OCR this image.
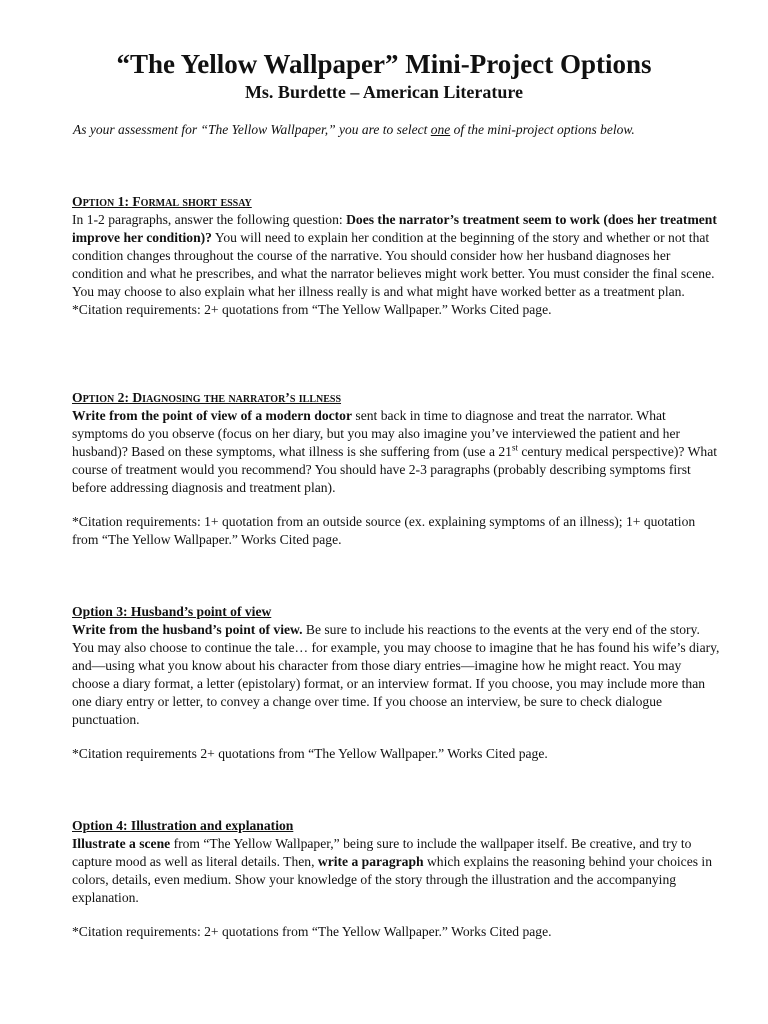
“The Yellow Wallpaper” Mini-Project Options
Ms. Burdette – American Literature
As your assessment for “The Yellow Wallpaper,” you are to select one of the mini-project options below.

Option 1: Formal short essay

In 1-2 paragraphs, answer the following question: Does the narrator’s treatment seem to work (does her treatment improve her condition)? You will need to explain her condition at the beginning of the story and whether or not that condition changes throughout the course of the narrative. You should consider how her husband diagnoses her condition and what he prescribes, and what the narrator believes might work better. You must consider the final scene. You may choose to also explain what her illness really is and what might have worked better as a treatment plan.

*Citation requirements: 2+ quotations from “The Yellow Wallpaper.” Works Cited page.

Option 2: Diagnosing the narrator’s illness

Write from the point of view of a modern doctor sent back in time to diagnose and treat the narrator. What symptoms do you observe (focus on her diary, but you may also imagine you’ve interviewed the patient and her husband)? Based on these symptoms, what illness is she suffering from (use a 21st century medical perspective)? What course of treatment would you recommend? You should have 2-3 paragraphs (probably describing symptoms first before addressing diagnosis and treatment plan).

*Citation requirements: 1+ quotation from an outside source (ex. explaining symptoms of an illness); 1+ quotation from “The Yellow Wallpaper.” Works Cited page.

Option 3: Husband’s point of view

Write from the husband’s point of view. Be sure to include his reactions to the events at the very end of the story. You may also choose to continue the tale… for example, you may choose to imagine that he has found his wife’s diary, and—using what you know about his character from those diary entries—imagine how he might react. You may choose a diary format, a letter (epistolary) format, or an interview format. If you choose, you may include more than one diary entry or letter, to convey a change over time. If you choose an interview, be sure to check dialogue punctuation.

*Citation requirements 2+ quotations from “The Yellow Wallpaper.” Works Cited page.

Option 4: Illustration and explanation

Illustrate a scene from “The Yellow Wallpaper,” being sure to include the wallpaper itself. Be creative, and try to capture mood as well as literal details. Then, write a paragraph which explains the reasoning behind your choices in colors, details, even medium. Show your knowledge of the story through the illustration and the accompanying explanation.

*Citation requirements: 2+ quotations from “The Yellow Wallpaper.” Works Cited page.
